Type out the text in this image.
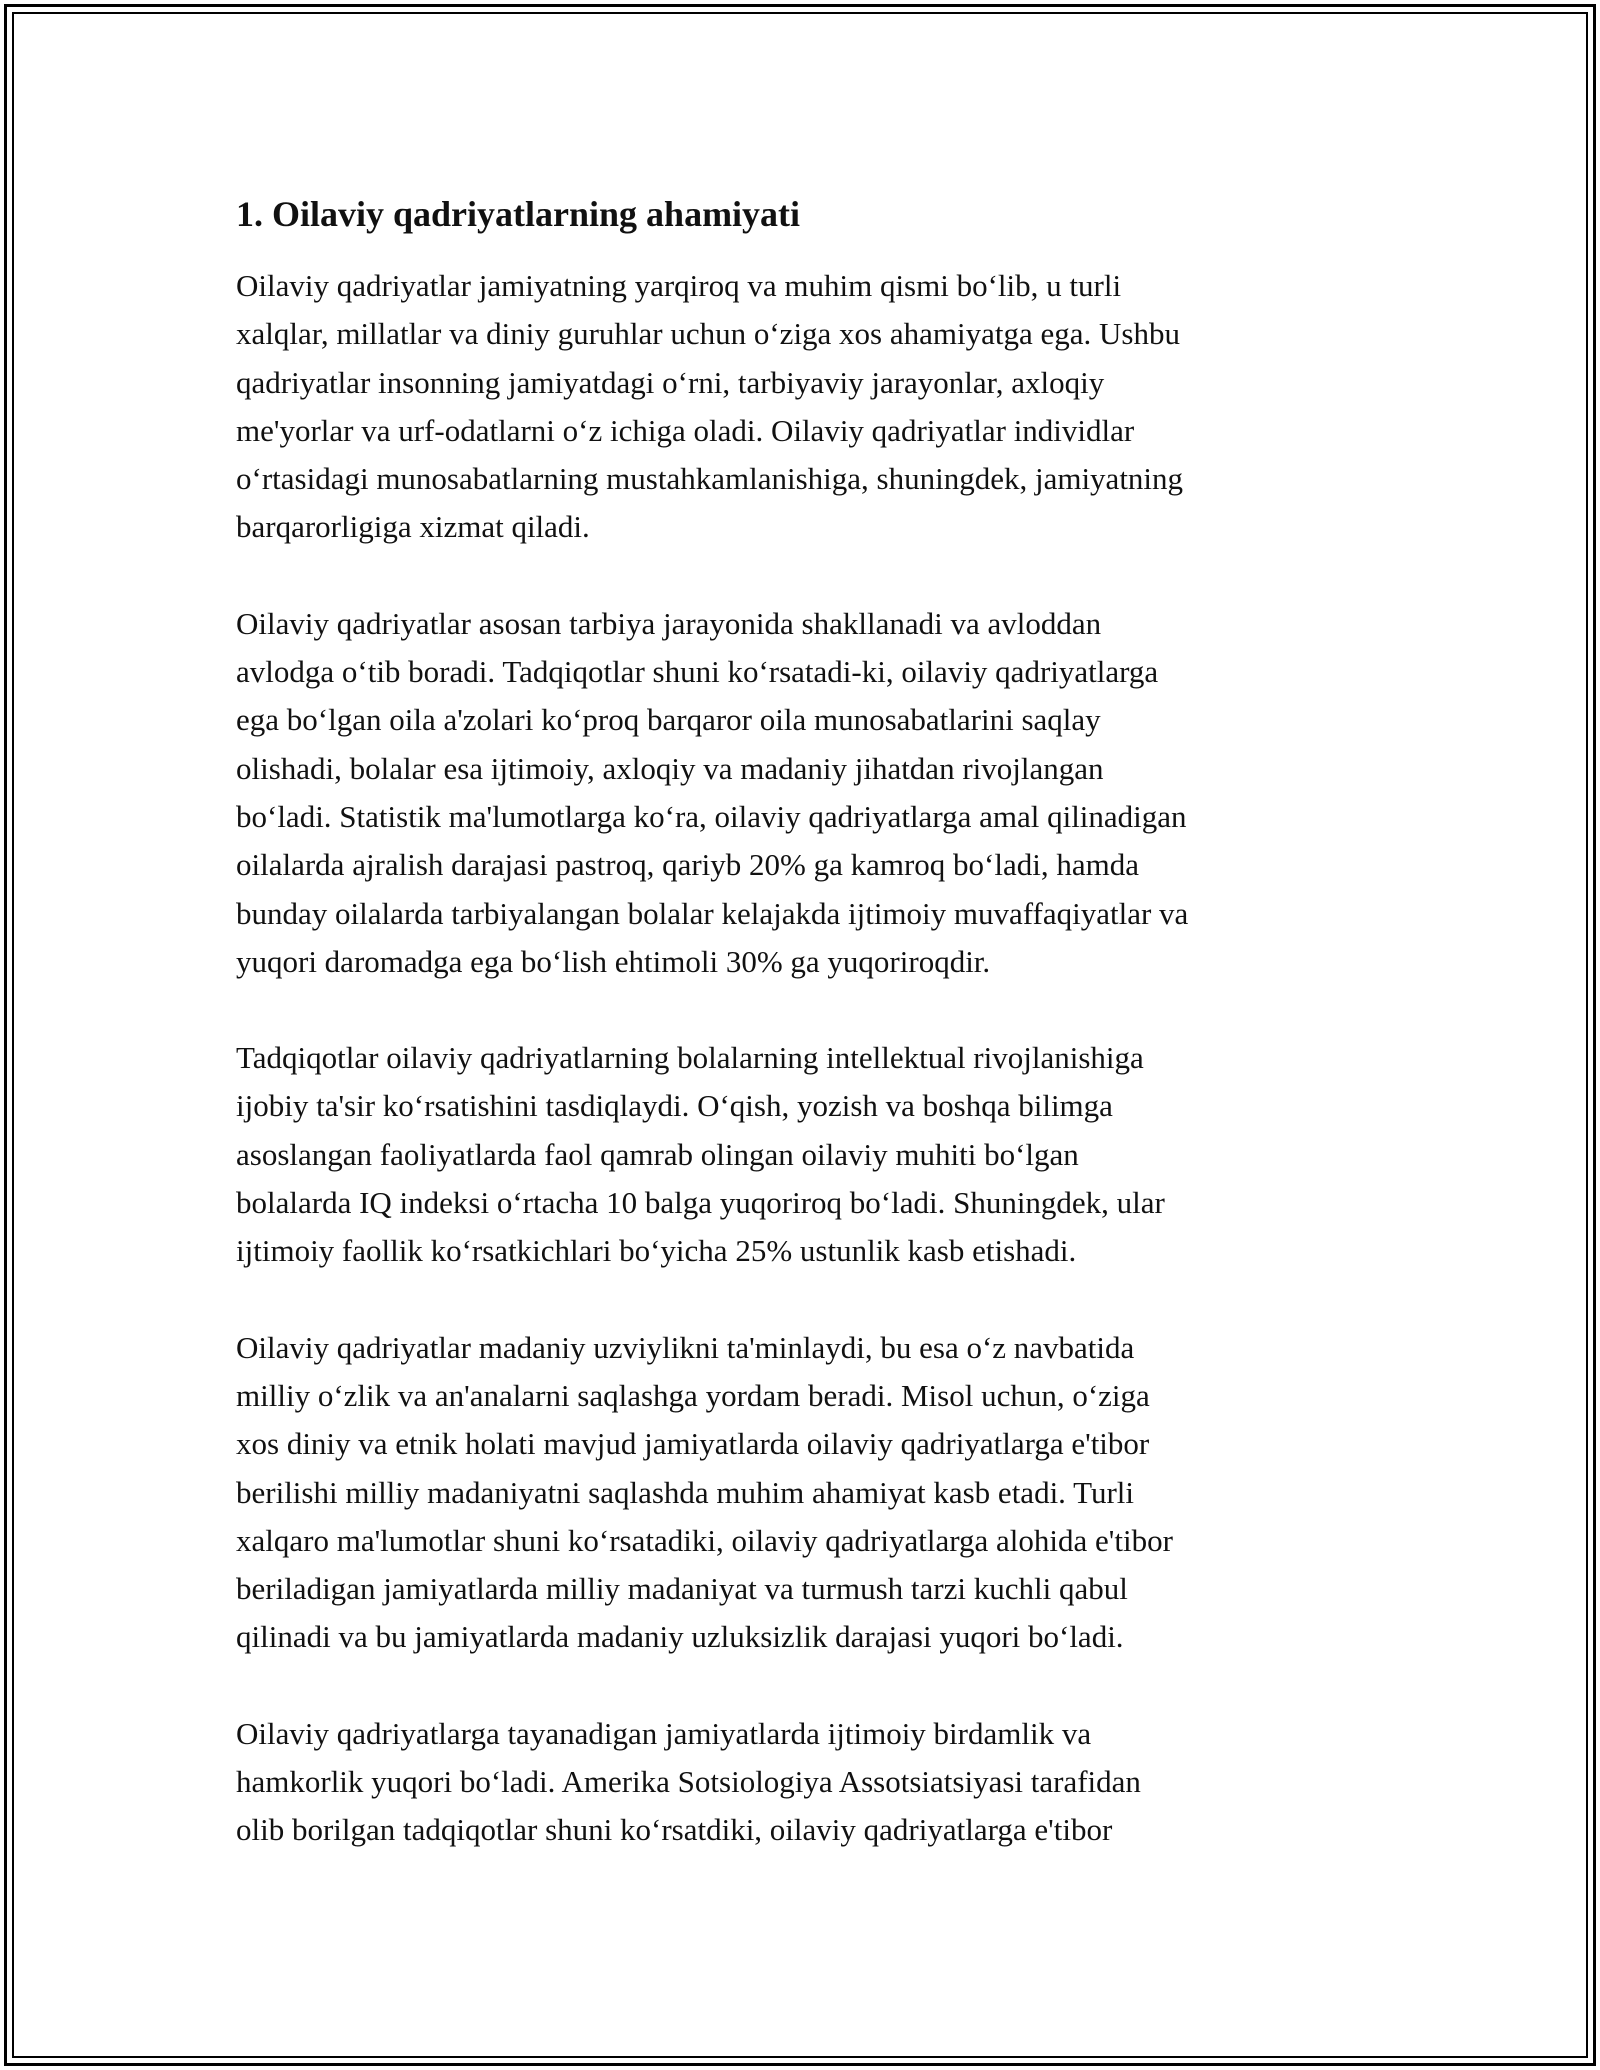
1. Oilaviy qadriyatlarning ahamiyati

Oilaviy qadriyatlar jamiyatning yarqiroq va muhim qismi bo‘lib, u turli
xalqlar, millatlar va diniy guruhlar uchun o‘ziga xos ahamiyatga ega. Ushbu
qadriyatlar insonning jamiyatdagi o‘rni, tarbiyaviy jarayonlar, axloqiy
me'yorlar va urf-odatlarni o‘z ichiga oladi. Oilaviy qadriyatlar individlar
o‘rtasidagi munosabatlarning mustahkamlanishiga, shuningdek, jamiyatning
barqarorligiga xizmat qiladi.

Oilaviy qadriyatlar asosan tarbiya jarayonida shakllanadi va avloddan
avlodga o‘tib boradi. Tadqiqotlar shuni ko‘rsatadi-ki, oilaviy qadriyatlarga
ega bo‘lgan oila a'zolari ko‘proq barqaror oila munosabatlarini saqlay
olishadi, bolalar esa ijtimoiy, axloqiy va madaniy jihatdan rivojlangan
bo‘ladi. Statistik ma'lumotlarga ko‘ra, oilaviy qadriyatlarga amal qilinadigan
oilalarda ajralish darajasi pastroq, qariyb 20% ga kamroq bo‘ladi, hamda
bunday oilalarda tarbiyalangan bolalar kelajakda ijtimoiy muvaffaqiyatlar va
yuqori daromadga ega bo‘lish ehtimoli 30% ga yuqoriroqdir.

Tadqiqotlar oilaviy qadriyatlarning bolalarning intellektual rivojlanishiga
ijobiy ta'sir ko‘rsatishini tasdiqlaydi. O‘qish, yozish va boshqa bilimga
asoslangan faoliyatlarda faol qamrab olingan oilaviy muhiti bo‘lgan
bolalarda IQ indeksi o‘rtacha 10 balga yuqoriroq bo‘ladi. Shuningdek, ular
ijtimoiy faollik ko‘rsatkichlari bo‘yicha 25% ustunlik kasb etishadi.

Oilaviy qadriyatlar madaniy uzviylikni ta'minlaydi, bu esa o‘z navbatida
milliy o‘zlik va an'analarni saqlashga yordam beradi. Misol uchun, o‘ziga
xos diniy va etnik holati mavjud jamiyatlarda oilaviy qadriyatlarga e'tibor
berilishi milliy madaniyatni saqlashda muhim ahamiyat kasb etadi. Turli
xalqaro ma'lumotlar shuni ko‘rsatadiki, oilaviy qadriyatlarga alohida e'tibor
beriladigan jamiyatlarda milliy madaniyat va turmush tarzi kuchli qabul
qilinadi va bu jamiyatlarda madaniy uzluksizlik darajasi yuqori bo‘ladi.

Oilaviy qadriyatlarga tayanadigan jamiyatlarda ijtimoiy birdamlik va
hamkorlik yuqori bo‘ladi. Amerika Sotsiologiya Assotsiatsiyasi tarafidan
olib borilgan tadqiqotlar shuni ko‘rsatdiki, oilaviy qadriyatlarga e'tibor
